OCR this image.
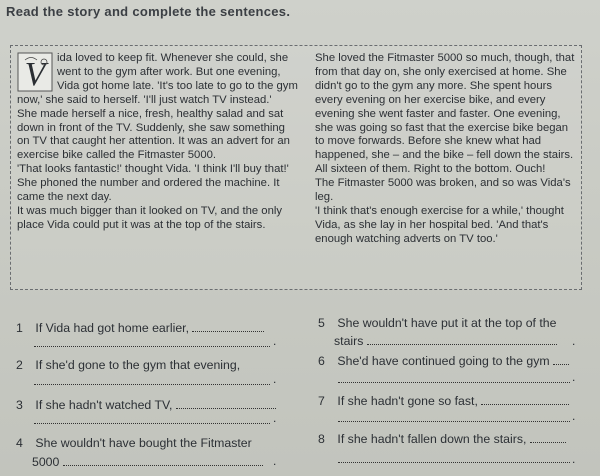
Read the story and complete the sentences.
V	ida loved to keep fit. Whenever she could, she went to the gym after work. But one evening, Vida got home late. 'It's too late to go to the gym now,' she said to herself. 'I'll just watch TV instead.'

She made herself a nice, fresh, healthy salad and sat down in front of the TV. Suddenly, she saw something on TV that caught her attention. It was an advert for an exercise bike called the Fitmaster 5000.

'That looks fantastic!' thought Vida. 'I think I'll buy that!'

She phoned the number and ordered the machine. It came the next day.

It was much bigger than it looked on TV, and the only place Vida could put it was at the top of the stairs.

She loved the Fitmaster 5000 so much, though, that from that day on, she only exercised at home. She didn't go to the gym any more. She spent hours every evening on her exercise bike, and every evening she went faster and faster. One evening, she was going so fast that the exercise bike began to move forwards. Before she knew what had happened, she – and the bike – fell down the stairs. All sixteen of them. Right to the bottom. Ouch!

The Fitmaster 5000 was broken, and so was Vida's leg.

'I think that's enough exercise for a while,' thought Vida, as she lay in her hospital bed. 'And that's enough watching adverts on TV too.'

1 If Vida had got home earlier,
.
2 If she'd gone to the gym that evening,
.
3 If she hadn't watched TV,
.
4 She wouldn't have bought the Fitmaster
5000	.
5 She wouldn't have put it at the top of the
stairs	.
6 She'd have continued going to the gym
.
7 If she hadn't gone so fast,
.
8 If she hadn't fallen down the stairs,
.
